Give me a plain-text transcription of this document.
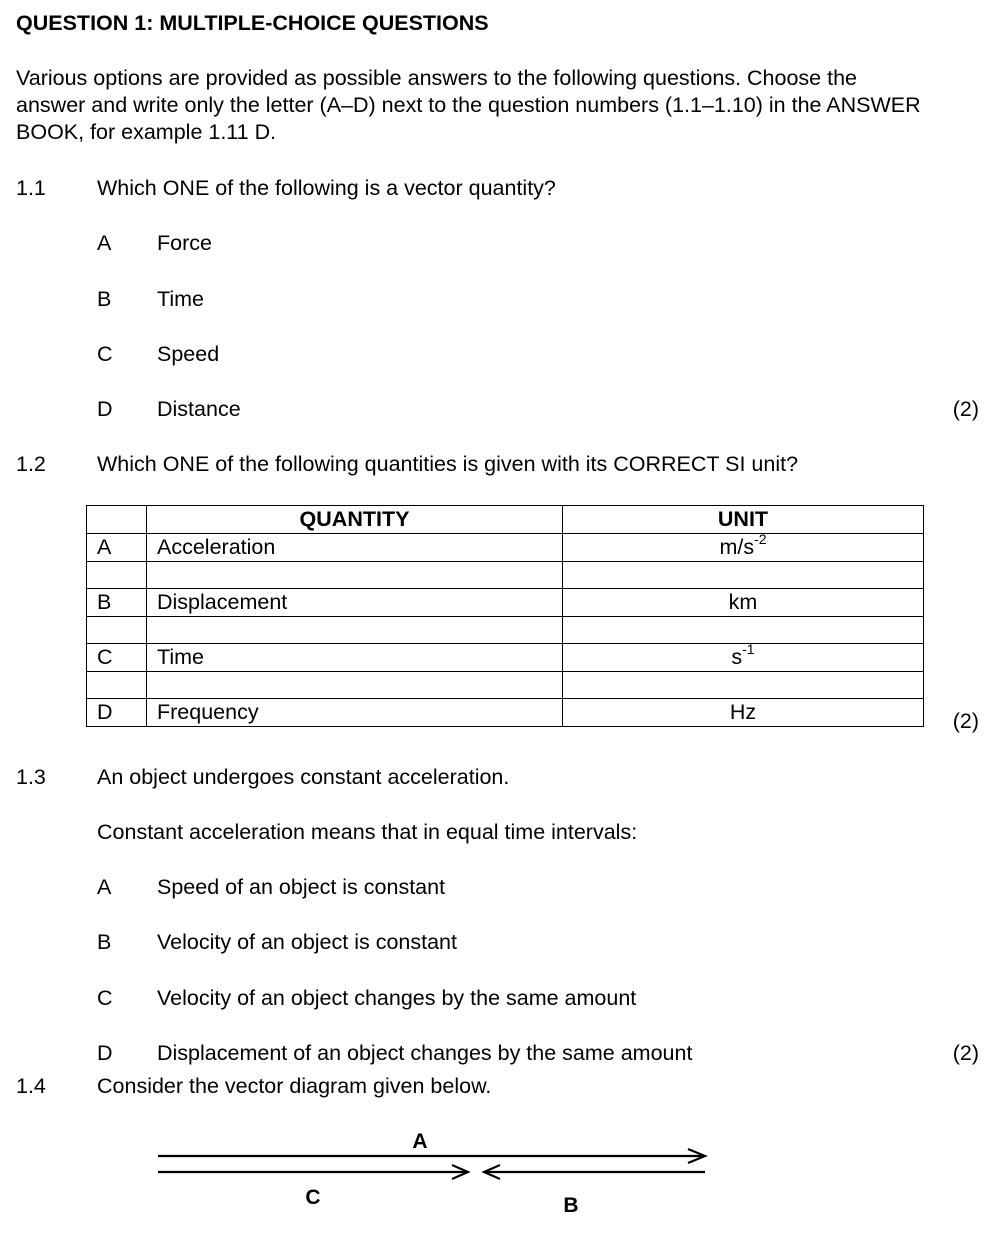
QUESTION 1: MULTIPLE-CHOICE QUESTIONS
Various options are provided as possible answers to the following questions. Choose the answer and write only the letter (A–D) next to the question numbers (1.1–1.10) in the ANSWER BOOK, for example 1.11 D.
1.1 Which ONE of the following is a vector quantity?
A Force
B Time
C Speed
D Distance	(2)
1.2 Which ONE of the following quantities is given with its CORRECT SI unit?
	QUANTITY	UNIT
A	Acceleration	$m/s^{-2}$

B	Displacement	km

C	Time	$s^{-1}$

D	Frequency	Hz	(2)
1.3 An object undergoes constant acceleration.
Constant acceleration means that in equal time intervals:
A Speed of an object is constant
B Velocity of an object is constant
C Velocity of an object changes by the same amount
D Displacement of an object changes by the same amount	(2)
1.4 Consider the vector diagram given below.
A
C	B
